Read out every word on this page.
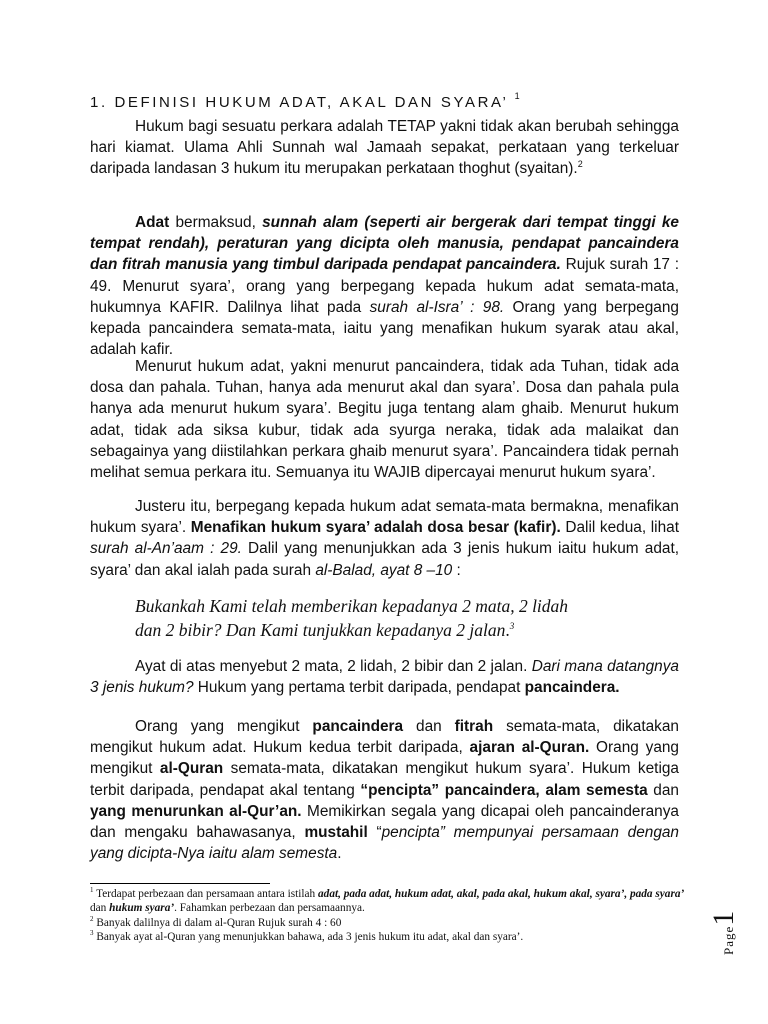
1. DEFINISI HUKUM ADAT, AKAL DAN SYARA’ $^1$

Hukum bagi sesuatu perkara adalah TETAP yakni tidak akan berubah sehingga hari kiamat. Ulama Ahli Sunnah wal Jamaah sepakat, perkataan yang terkeluar daripada landasan 3 hukum itu merupakan perkataan thoghut (syaitan).$^2$

Adat bermaksud, sunnah alam (seperti air bergerak dari tempat tinggi ke tempat rendah), peraturan yang dicipta oleh manusia, pendapat pancaindera dan fitrah manusia yang timbul daripada pendapat pancaindera. Rujuk surah 17 : 49. Menurut syara’, orang yang berpegang kepada hukum adat semata-mata, hukumnya KAFIR. Dalilnya lihat pada surah al-Isra’ : 98. Orang yang berpegang kepada pancaindera semata-mata, iaitu yang menafikan hukum syarak atau akal, adalah kafir.

Menurut hukum adat, yakni menurut pancaindera, tidak ada Tuhan, tidak ada dosa dan pahala. Tuhan, hanya ada menurut akal dan syara’. Dosa dan pahala pula hanya ada menurut hukum syara’. Begitu juga tentang alam ghaib. Menurut hukum adat, tidak ada siksa kubur, tidak ada syurga neraka, tidak ada malaikat dan sebagainya yang diistilahkan perkara ghaib menurut syara’. Pancaindera tidak pernah melihat semua perkara itu. Semuanya itu WAJIB dipercayai menurut hukum syara’.

Justeru itu, berpegang kepada hukum adat semata-mata bermakna, menafikan hukum syara’. Menafikan hukum syara’ adalah dosa besar (kafir). Dalil kedua, lihat surah al-An’aam : 29. Dalil yang menunjukkan ada 3 jenis hukum iaitu hukum adat, syara’ dan akal ialah pada surah al-Balad, ayat 8 –10 :

Bukankah Kami telah memberikan kepadanya 2 mata, 2 lidah
dan 2 bibir? Dan Kami tunjukkan kepadanya 2 jalan.$^3$

Ayat di atas menyebut 2 mata, 2 lidah, 2 bibir dan 2 jalan. Dari mana datangnya 3 jenis hukum? Hukum yang pertama terbit daripada, pendapat pancaindera.

Orang yang mengikut pancaindera dan fitrah semata-mata, dikatakan mengikut hukum adat. Hukum kedua terbit daripada, ajaran al-Quran. Orang yang mengikut al-Quran semata-mata, dikatakan mengikut hukum syara’. Hukum ketiga terbit daripada, pendapat akal tentang “pencipta” pancaindera, alam semesta dan yang menurunkan al-Qur’an. Memikirkan segala yang dicapai oleh pancainderanya dan mengaku bahawasanya, mustahil “pencipta” mempunyai persamaan dengan yang dicipta-Nya iaitu alam semesta.

$^1$ Terdapat perbezaan dan persamaan antara istilah adat, pada adat, hukum adat, akal, pada akal, hukum akal, syara’, pada syara’ dan hukum syara’. Fahamkan perbezaan dan persamaannya.

$^2$ Banyak dalilnya di dalam al-Quran Rujuk surah 4 : 60

$^3$ Banyak ayat al-Quran yang menunjukkan bahawa, ada 3 jenis hukum itu adat, akal dan syara’.	Page1
